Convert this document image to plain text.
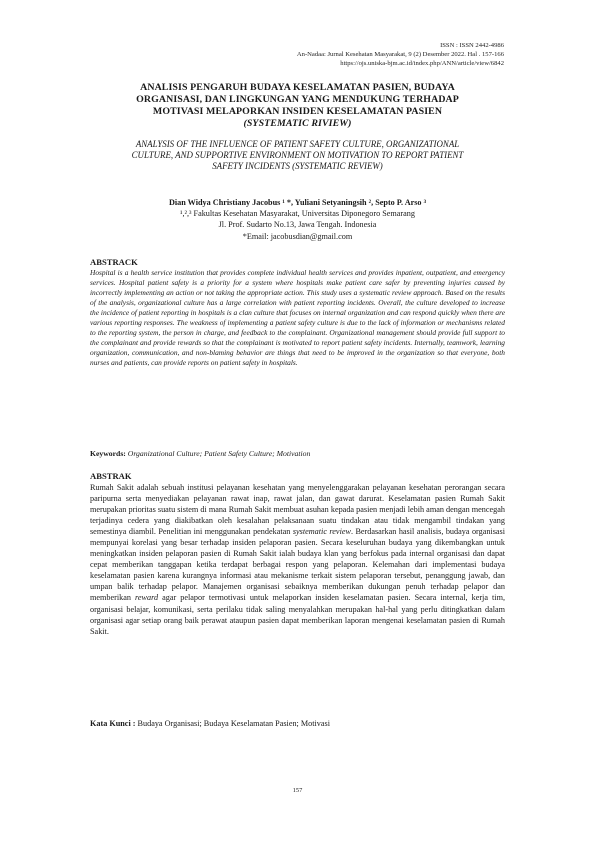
ISSN : ISSN 2442-4986
An-Nadaa: Jurnal Kesehatan Masyarakat, 9 (2) Desember 2022. Hal . 157-166
https://ojs.uniska-bjm.ac.id/index.php/ANN/article/view/6842
ANALISIS PENGARUH BUDAYA KESELAMATAN PASIEN, BUDAYA
ORGANISASI, DAN LINGKUNGAN YANG MENDUKUNG TERHADAP
MOTIVASI MELAPORKAN INSIDEN KESELAMATAN PASIEN
(SYSTEMATIC RIVIEW)
ANALYSIS OF THE INFLUENCE OF PATIENT SAFETY CULTURE, ORGANIZATIONAL
CULTURE, AND SUPPORTIVE ENVIRONMENT ON MOTIVATION TO REPORT PATIENT
SAFETY INCIDENTS (SYSTEMATIC REVIEW)
Dian Widya Christiany Jacobus ¹ *, Yuliani Setyaningsih ², Septo P. Arso ³
¹,²,³ Fakultas Kesehatan Masyarakat, Universitas Diponegoro Semarang
Jl. Prof. Sudarto No.13, Jawa Tengah. Indonesia
*Email: jacobusdian@gmail.com
ABSTRACK

Hospital is a health service institution that provides complete individual health services and provides inpatient, outpatient, and emergency services. Hospital patient safety is a priority for a system where hospitals make patient care safer by preventing injuries caused by incorrectly implementing an action or not taking the appropriate action. This study uses a systematic review approach. Based on the results of the analysis, organizational culture has a large correlation with patient reporting incidents. Overall, the culture developed to increase the incidence of patient reporting in hospitals is a clan culture that focuses on internal organization and can respond quickly when there are various reporting responses. The weakness of implementing a patient safety culture is due to the lack of information or mechanisms related to the reporting system, the person in charge, and feedback to the complainant. Organizational management should provide full support to the complainant and provide rewards so that the complainant is motivated to report patient safety incidents. Internally, teamwork, learning organization, communication, and non-blaming behavior are things that need to be improved in the organization so that everyone, both nurses and patients, can provide reports on patient safety in hospitals.

Keywords: Organizational Culture; Patient Safety Culture; Motivation
ABSTRAK

Rumah Sakit adalah sebuah institusi pelayanan kesehatan yang menyelenggarakan pelayanan kesehatan perorangan secara paripurna serta menyediakan pelayanan rawat inap, rawat jalan, dan gawat darurat. Keselamatan pasien Rumah Sakit merupakan prioritas suatu sistem di mana Rumah Sakit membuat asuhan kepada pasien menjadi lebih aman dengan mencegah terjadinya cedera yang diakibatkan oleh kesalahan pelaksanaan suatu tindakan atau tidak mengambil tindakan yang semestinya diambil. Penelitian ini menggunakan pendekatan systematic review. Berdasarkan hasil analisis, budaya organisasi mempunyai korelasi yang besar terhadap insiden pelaporan pasien. Secara keseluruhan budaya yang dikembangkan untuk meningkatkan insiden pelaporan pasien di Rumah Sakit ialah budaya klan yang berfokus pada internal organisasi dan dapat cepat memberikan tanggapan ketika terdapat berbagai respon yang pelaporan. Kelemahan dari implementasi budaya keselamatan pasien karena kurangnya informasi atau mekanisme terkait sistem pelaporan tersebut, penanggung jawab, dan umpan balik terhadap pelapor. Manajemen organisasi sebaiknya memberikan dukungan penuh terhadap pelapor dan memberikan reward agar pelapor termotivasi untuk melaporkan insiden keselamatan pasien. Secara internal, kerja tim, organisasi belajar, komunikasi, serta perilaku tidak saling menyalahkan merupakan hal-hal yang perlu ditingkatkan dalam organisasi agar setiap orang baik perawat ataupun pasien dapat memberikan laporan mengenai keselamatan pasien di Rumah Sakit.

Kata Kunci : Budaya Organisasi; Budaya Keselamatan Pasien; Motivasi
157
